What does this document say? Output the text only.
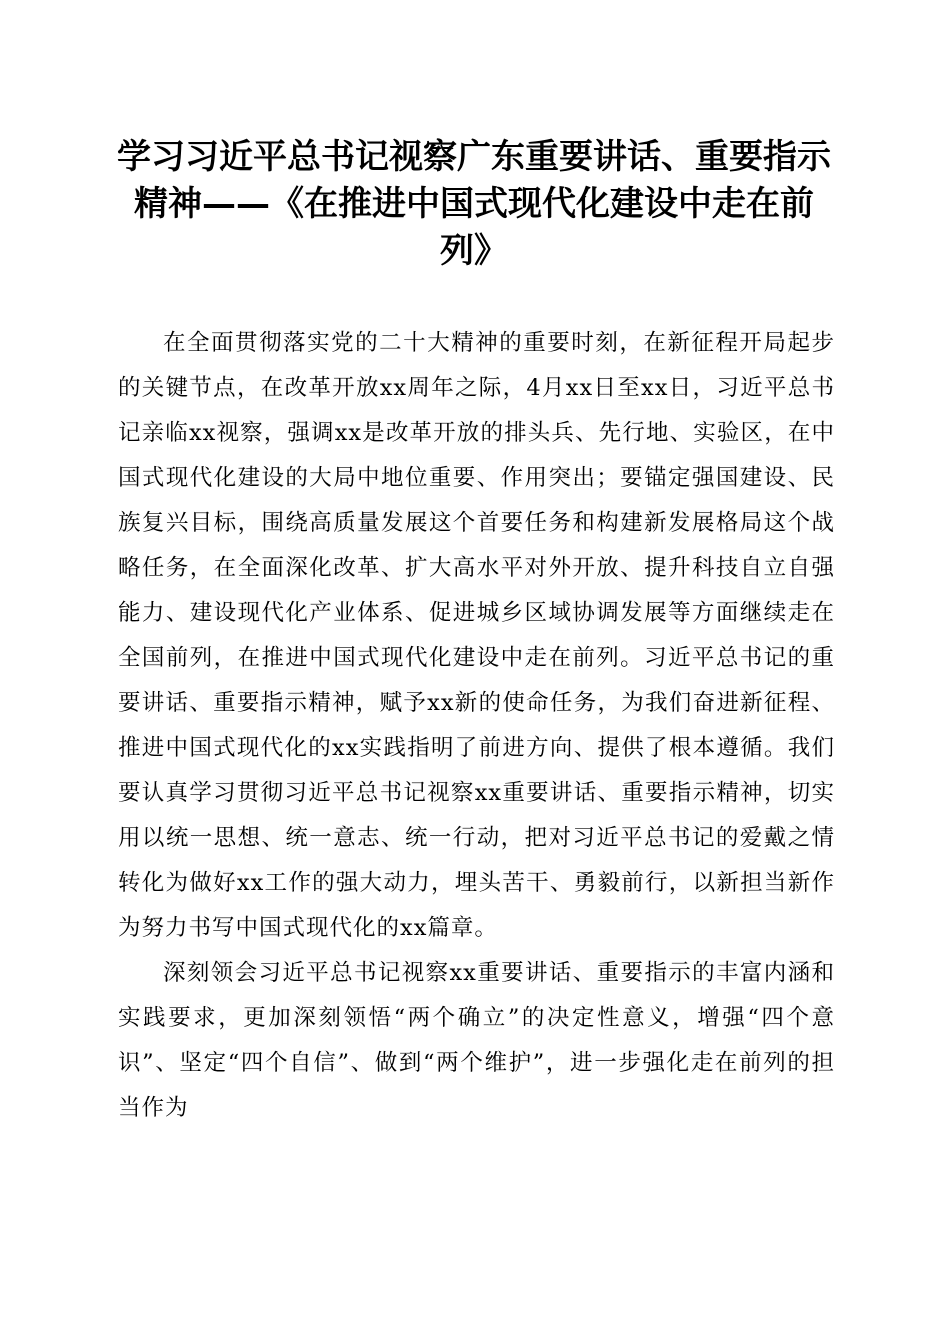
学习习近平总书记视察广东重要讲话、重要指示精神——《在推进中国式现代化建设中走在前列》

在全面贯彻落实党的二十大精神的重要时刻，在新征程开局起步的关键节点，在改革开放xx周年之际，4月xx日至xx日，习近平总书记亲临xx视察，强调xx是改革开放的排头兵、先行地、实验区，在中国式现代化建设的大局中地位重要、作用突出；要锚定强国建设、民族复兴目标，围绕高质量发展这个首要任务和构建新发展格局这个战略任务，在全面深化改革、扩大高水平对外开放、提升科技自立自强能力、建设现代化产业体系、促进城乡区域协调发展等方面继续走在全国前列，在推进中国式现代化建设中走在前列。习近平总书记的重要讲话、重要指示精神，赋予xx新的使命任务，为我们奋进新征程、推进中国式现代化的xx实践指明了前进方向、提供了根本遵循。我们要认真学习贯彻习近平总书记视察xx重要讲话、重要指示精神，切实用以统一思想、统一意志、统一行动，把对习近平总书记的爱戴之情转化为做好xx工作的强大动力，埋头苦干、勇毅前行，以新担当新作为努力书写中国式现代化的xx篇章。

深刻领会习近平总书记视察xx重要讲话、重要指示的丰富内涵和实践要求，更加深刻领悟“两个确立”的决定性意义，增强“四个意识”、坚定“四个自信”、做到“两个维护”，进一步强化走在前列的担当作为
